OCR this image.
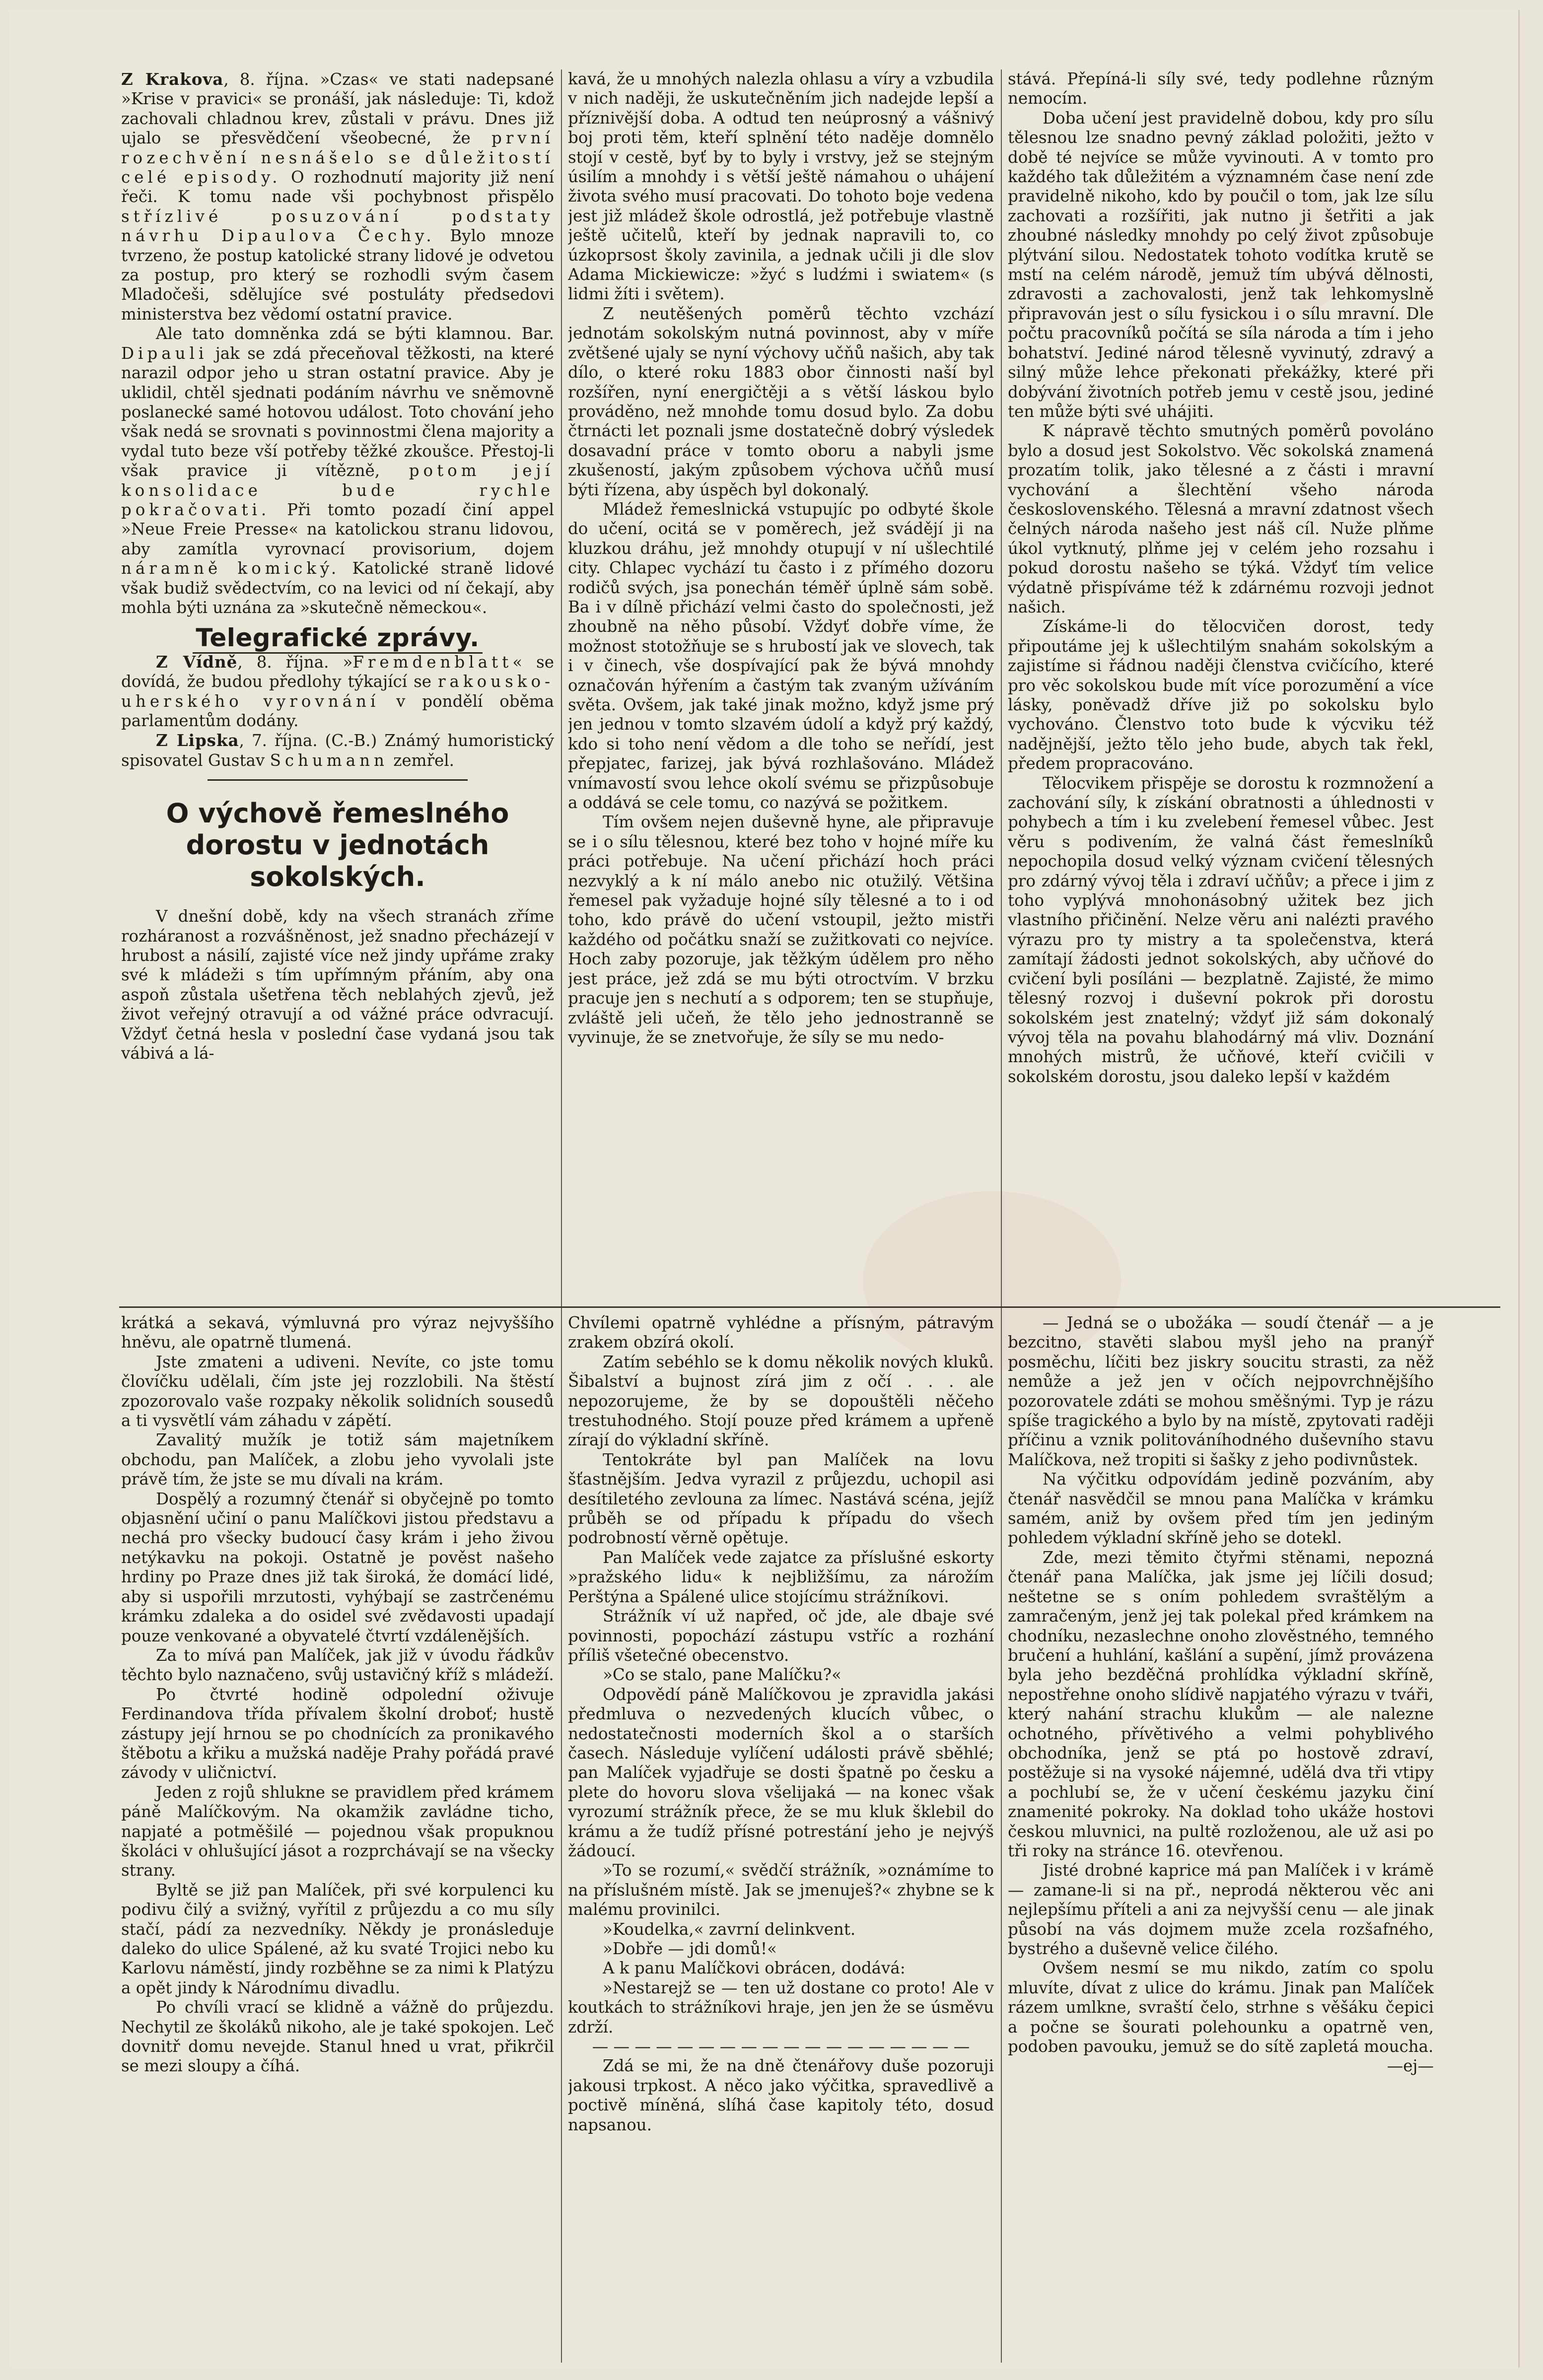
Z Krakova, 8. října. »Czas« ve stati nadepsané »Krise v pravici« se pronáší, jak následuje: Ti, kdož zachovali chladnou krev, zůstali v právu. Dnes již ujalo se přesvědčení všeobecné, že první rozechvění nesnášelo se důležitostí celé episody. O rozhodnutí majority již není řeči. K tomu nade vši pochybnost přispělo střízlivé posuzování podstaty návrhu Dipaulova Čechy. Bylo mnoze tvrzeno, že postup katolické strany lidové je odvetou za postup, pro který se rozhodli svým časem Mladočeši, sdělujíce své postuláty předsedovi ministerstva bez vědomí ostatní pravice.

Ale tato domněnka zdá se býti klamnou. Bar. Dipauli jak se zdá přeceňoval těžkosti, na které narazil odpor jeho u stran ostatní pravice. Aby je uklidil, chtěl sjednati podáním návrhu ve sněmovně poslanecké samé hotovou událost. Toto chování jeho však nedá se srovnati s povinnostmi člena majority a vydal tuto beze vší potřeby těžké zkoušce. Přestoj-li však pravice ji vítězně, potom její konsolidace bude rychle pokračovati. Při tomto pozadí činí appel »Neue Freie Presse« na katolickou stranu lidovou, aby zamítla vyrovnací provisorium, dojem náramně komický. Katolické straně lidové však budiž svědectvím, co na levici od ní čekají, aby mohla býti uznána za »skutečně německou«.

Telegrafické zprávy.

Z Vídně, 8. října. »Fremdenblatt« se dovídá, že budou předlohy týkající se rakousko-uherského vyrovnání v pondělí oběma parlamentům dodány.

Z Lipska, 7. října. (C.-B.) Známý humoristický spisovatel Gustav Schumann zemřel.

O výchově řemeslného dorostu v jednotách sokolských.

V dnešní době, kdy na všech stranách zříme rozháranost a rozvášněnost, jež snadno přecházejí v hrubost a násilí, zajisté více než jindy upřáme zraky své k mládeži s tím upřímným přáním, aby ona aspoň zůstala ušetřena těch neblahých zjevů, jež život veřejný otravují a od vážné práce odvracují. Vždyť četná hesla v poslední čase vydaná jsou tak vábivá a lá-

kavá, že u mnohých nalezla ohlasu a víry a vzbudila v nich naději, že uskutečněním jich nadejde lepší a příznivější doba. A odtud ten neúprosný a vášnivý boj proti těm, kteří splnění této naděje domnělo stojí v cestě, byť by to byly i vrstvy, jež se stejným úsilím a mnohdy i s větší ještě námahou o uhájení života svého musí pracovati. Do tohoto boje vedena jest již mládež škole odrostlá, jež potřebuje vlastně ještě učitelů, kteří by jednak napravili to, co úzkoprsost školy zavinila, a jednak učili ji dle slov Adama Mickiewicze: »žyć s ludźmi i swiatem« (s lidmi žíti i světem).

Z neutěšených poměrů těchto vzchází jednotám sokolským nutná povinnost, aby v míře zvětšené ujaly se nyní výchovy učňů našich, aby tak dílo, o které roku 1883 obor činnosti naší byl rozšířen, nyní energičtěji a s větší láskou bylo prováděno, než mnohde tomu dosud bylo. Za dobu čtrnácti let poznali jsme dostatečně dobrý výsledek dosavadní práce v tomto oboru a nabyli jsme zkušeností, jakým způsobem výchova učňů musí býti řízena, aby úspěch byl dokonalý.

Mládež řemeslnická vstupujíc po odbyté škole do učení, ocitá se v poměrech, jež svádějí ji na kluzkou dráhu, jež mnohdy otupují v ní ušlechtilé city. Chlapec vychází tu často i z přímého dozoru rodičů svých, jsa ponechán téměř úplně sám sobě. Ba i v dílně přichází velmi často do společnosti, jež zhoubně na něho působí. Vždyť dobře víme, že možnost stotožňuje se s hrubostí jak ve slovech, tak i v činech, vše dospívající pak že bývá mnohdy označován hýřením a častým tak zvaným užíváním světa. Ovšem, jak také jinak možno, když jsme prý jen jednou v tomto slzavém údolí a když prý každý, kdo si toho není vědom a dle toho se neřídí, jest přepjatec, farizej, jak bývá rozhlašováno. Mládež vnímavostí svou lehce okolí svému se přizpůsobuje a oddává se cele tomu, co nazývá se požitkem.

Tím ovšem nejen duševně hyne, ale připravuje se i o sílu tělesnou, které bez toho v hojné míře ku práci potřebuje. Na učení přichází hoch práci nezvyklý a k ní málo anebo nic otužilý. Většina řemesel pak vyžaduje hojné síly tělesné a to i od toho, kdo právě do učení vstoupil, ježto mistři každého od počátku snaží se zužitkovati co nejvíce. Hoch zaby pozoruje, jak těžkým údělem pro něho jest práce, jež zdá se mu býti otroctvím. V brzku pracuje jen s nechutí a s odporem; ten se stupňuje, zvláště jeli učeň, že tělo jeho jednostranně se vyvinuje, že se znetvořuje, že síly se mu nedo-

stává. Přepíná-li síly své, tedy podlehne různým nemocím.

Doba učení jest pravidelně dobou, kdy pro sílu tělesnou lze snadno pevný základ položiti, ježto v době té nejvíce se může vyvinouti. A v tomto pro každého tak důležitém a významném čase není zde pravidelně nikoho, kdo by poučil o tom, jak lze sílu zachovati a rozšířiti, jak nutno ji šetřiti a jak zhoubné následky mnohdy po celý život způsobuje plýtvání silou. Nedostatek tohoto vodítka krutě se mstí na celém národě, jemuž tím ubývá dělnosti, zdravosti a zachovalosti, jenž tak lehkomyslně připravován jest o sílu fysickou i o sílu mravní. Dle počtu pracovníků počítá se síla národa a tím i jeho bohatství. Jediné národ tělesně vyvinutý, zdravý a silný může lehce překonati překážky, které při dobývání životních potřeb jemu v cestě jsou, jediné ten může býti své uhájiti.

K nápravě těchto smutných poměrů povoláno bylo a dosud jest Sokolstvo. Věc sokolská znamená prozatím tolik, jako tělesné a z části i mravní vychování a šlechtění všeho národa československého. Tělesná a mravní zdatnost všech čelných národa našeho jest náš cíl. Nuže plňme úkol vytknutý, plňme jej v celém jeho rozsahu i pokud dorostu našeho se týká. Vždyť tím velice výdatně přispíváme též k zdárnému rozvoji jednot našich.

Získáme-li do tělocvičen dorost, tedy připoutáme jej k ušlechtilým snahám sokolským a zajistíme si řádnou naději členstva cvičícího, které pro věc sokolskou bude mít více porozumění a více lásky, poněvadž dříve již po sokolsku bylo vychováno. Členstvo toto bude k výcviku též nadějnější, ježto tělo jeho bude, abych tak řekl, předem propracováno.

Tělocvikem přispěje se dorostu k rozmnožení a zachování síly, k získání obratnosti a úhlednosti v pohybech a tím i ku zvelebení řemesel vůbec. Jest věru s podivením, že valná část řemeslníků nepochopila dosud velký význam cvičení tělesných pro zdárný vývoj těla i zdraví učňův; a přece i jim z toho vyplývá mnohonásobný užitek bez jich vlastního přičinění. Nelze věru ani nalézti pravého výrazu pro ty mistry a ta společenstva, která zamítají žádosti jednot sokolských, aby učňové do cvičení byli posíláni — bezplatně. Zajisté, že mimo tělesný rozvoj i duševní pokrok při dorostu sokolském jest znatelný; vždyť již sám dokonalý vývoj těla na povahu blahodárný má vliv. Doznání mnohých mistrů, že učňové, kteří cvičili v sokolském dorostu, jsou daleko lepší v každém

krátká a sekavá, výmluvná pro výraz nejvyššího hněvu, ale opatrně tlumená.

Jste zmateni a udiveni. Nevíte, co jste tomu človíčku udělali, čím jste jej rozzlobili. Na štěstí zpozorovalo vaše rozpaky několik solidních sousedů a ti vysvětlí vám záhadu v zápětí.

Zavalitý mužík je totiž sám majetníkem obchodu, pan Malíček, a zlobu jeho vyvolali jste právě tím, že jste se mu dívali na krám.

Dospělý a rozumný čtenář si obyčejně po tomto objasnění učiní o panu Malíčkovi jistou představu a nechá pro všecky budoucí časy krám i jeho živou netýkavku na pokoji. Ostatně je pověst našeho hrdiny po Praze dnes již tak široká, že domácí lidé, aby si uspořili mrzutosti, vyhýbají se zastrčenému krámku zdaleka a do osidel své zvědavosti upadají pouze venkované a obyvatelé čtvrtí vzdálenějších.

Za to mívá pan Malíček, jak již v úvodu řádkův těchto bylo naznačeno, svůj ustavičný kříž s mládeží.

Po čtvrté hodině odpolední oživuje Ferdinandova třída přívalem školní droboť; hustě zástupy její hrnou se po chodnících za pronikavého štěbotu a křiku a mužská naděje Prahy pořádá pravé závody v uličnictví.

Jeden z rojů shlukne se pravidlem před krámem páně Malíčkovým. Na okamžik zavládne ticho, napjaté a potměšilé — pojednou však propuknou školáci v ohlušující jásot a rozprchávají se na všecky strany.

Byltě se již pan Malíček, při své korpulenci ku podivu čilý a svižný, vyřítil z průjezdu a co mu síly stačí, pádí za nezvedníky. Někdy je pronásleduje daleko do ulice Spálené, až ku svaté Trojici nebo ku Karlovu náměstí, jindy rozběhne se za nimi k Platýzu a opět jindy k Národnímu divadlu.

Po chvíli vrací se klidně a vážně do průjezdu. Nechytil ze školáků nikoho, ale je také spokojen. Leč dovnitř domu nevejde. Stanul hned u vrat, přikrčil se mezi sloupy a číhá.

Chvílemi opatrně vyhlédne a přísným, pátravým zrakem obzírá okolí.

Zatím sebéhlo se k domu několik nových kluků. Šibalství a bujnost zírá jim z očí . . . ale nepozorujeme, že by se dopouštěli něčeho trestuhodného. Stojí pouze před krámem a upřeně zírají do výkladní skříně.

Tentokráte byl pan Malíček na lovu šťastnějším. Jedva vyrazil z průjezdu, uchopil asi desítiletého zevlouna za límec. Nastává scéna, jejíž průběh se od případu k případu do všech podrobností věrně opětuje.

Pan Malíček vede zajatce za příslušné eskorty »pražského lidu« k nejbližšímu, za nárožím Perštýna a Spálené ulice stojícímu strážníkovi.

Strážník ví už napřed, oč jde, ale dbaje své povinnosti, popochází zástupu vstříc a rozhání příliš všetečné obecenstvo.

»Co se stalo, pane Malíčku?«

Odpovědí páně Malíčkovou je zpravidla jakási předmluva o nezvedených klucích vůbec, o nedostatečnosti moderních škol a o starších časech. Následuje vylíčení události právě sběhlé; pan Malíček vyjadřuje se dosti špatně po česku a plete do hovoru slova všelijaká — na konec však vyrozumí strážník přece, že se mu kluk šklebil do krámu a že tudíž přísné potrestání jeho je nejvýš žádoucí.

»To se rozumí,« svědčí strážník, »oznámíme to na příslušném místě. Jak se jmenuješ?« zhybne se k malému provinilci.

»Koudelka,« zavrní delinkvent.

»Dobře — jdi domů!«

A k panu Malíčkovi obrácen, dodává:

»Nestarejž se — ten už dostane co proto! Ale v koutkách to strážníkovi hraje, jen jen že se úsměvu zdrží.

— — — — — — — — — — — — — — — — — —

Zdá se mi, že na dně čtenářovy duše pozoruji jakousi trpkost. A něco jako výčitka, spravedlivě a poctivě míněná, slíhá čase kapitoly této, dosud napsanou.

— Jedná se o ubožáka — soudí čtenář — a je bezcitno, stavěti slabou myšl jeho na pranýř posměchu, líčiti bez jiskry soucitu strasti, za něž nemůže a jež jen v očích nejpovrchnějšího pozorovatele zdáti se mohou směšnými. Typ je rázu spíše tragického a bylo by na místě, zpytovati raději příčinu a vznik politováníhodného duševního stavu Malíčkova, než tropiti si šašky z jeho podivnůstek.

Na výčitku odpovídám jedině pozváním, aby čtenář nasvědčil se mnou pana Malíčka v krámku samém, aniž by ovšem před tím jen jediným pohledem výkladní skříně jeho se dotekl.

Zde, mezi těmito čtyřmi stěnami, nepozná čtenář pana Malíčka, jak jsme jej líčili dosud; neštetne se s oním pohledem svraštělým a zamračeným, jenž jej tak polekal před krámkem na chodníku, nezaslechne onoho zlověstného, temného bručení a huhlání, kašlání a supění, jímž provázena byla jeho bezděčná prohlídka výkladní skříně, nepostřehne onoho slídivě napjatého výrazu v tváři, který nahání strachu klukům — ale nalezne ochotného, přívětivého a velmi pohyblivého obchodníka, jenž se ptá po hostově zdraví, postěžuje si na vysoké nájemné, udělá dva tři vtipy a pochlubí se, že v učení českému jazyku činí znamenité pokroky. Na doklad toho ukáže hostovi českou mluvnici, na pultě rozloženou, ale už asi po tři roky na stránce 16. otevřenou.

Jisté drobné kaprice má pan Malíček i v krámě — zamane-li si na př., neprodá některou věc ani nejlepšímu příteli a ani za nejvyšší cenu — ale jinak působí na vás dojmem muže zcela rozšafného, bystrého a duševně velice čilého.

Ovšem nesmí se mu nikdo, zatím co spolu mluvíte, dívat z ulice do krámu. Jinak pan Malíček rázem umlkne, svraští čelo, strhne s věšáku čepici a počne se šourati polehounku a opatrně ven, podoben pavouku, jemuž se do sítě zapletá moucha.

—ej—
